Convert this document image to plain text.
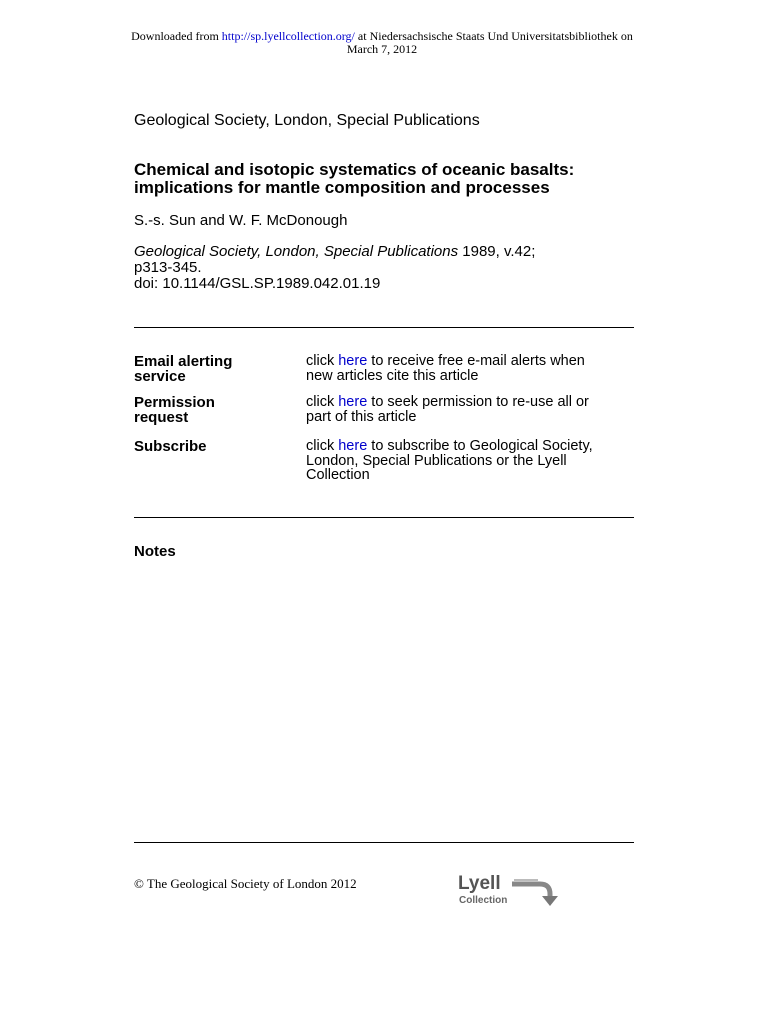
Downloaded from http://sp.lyellcollection.org/ at Niedersachsische Staats Und Universitatsbibliothek on
March 7, 2012
Geological Society, London, Special Publications
Chemical and isotopic systematics of oceanic basalts:
implications for mantle composition and processes
S.-s. Sun and W. F. McDonough
Geological Society, London, Special Publications 1989, v.42;
p313-345.
doi: 10.1144/GSL.SP.1989.042.01.19
Email alerting
service
click here to receive free e-mail alerts when
new articles cite this article
Permission
request
click here to seek permission to re-use all or
part of this article
Subscribe	click here to subscribe to Geological Society,
London, Special Publications or the Lyell
Collection
Notes
© The Geological Society of London 2012	Lyell
Collection
